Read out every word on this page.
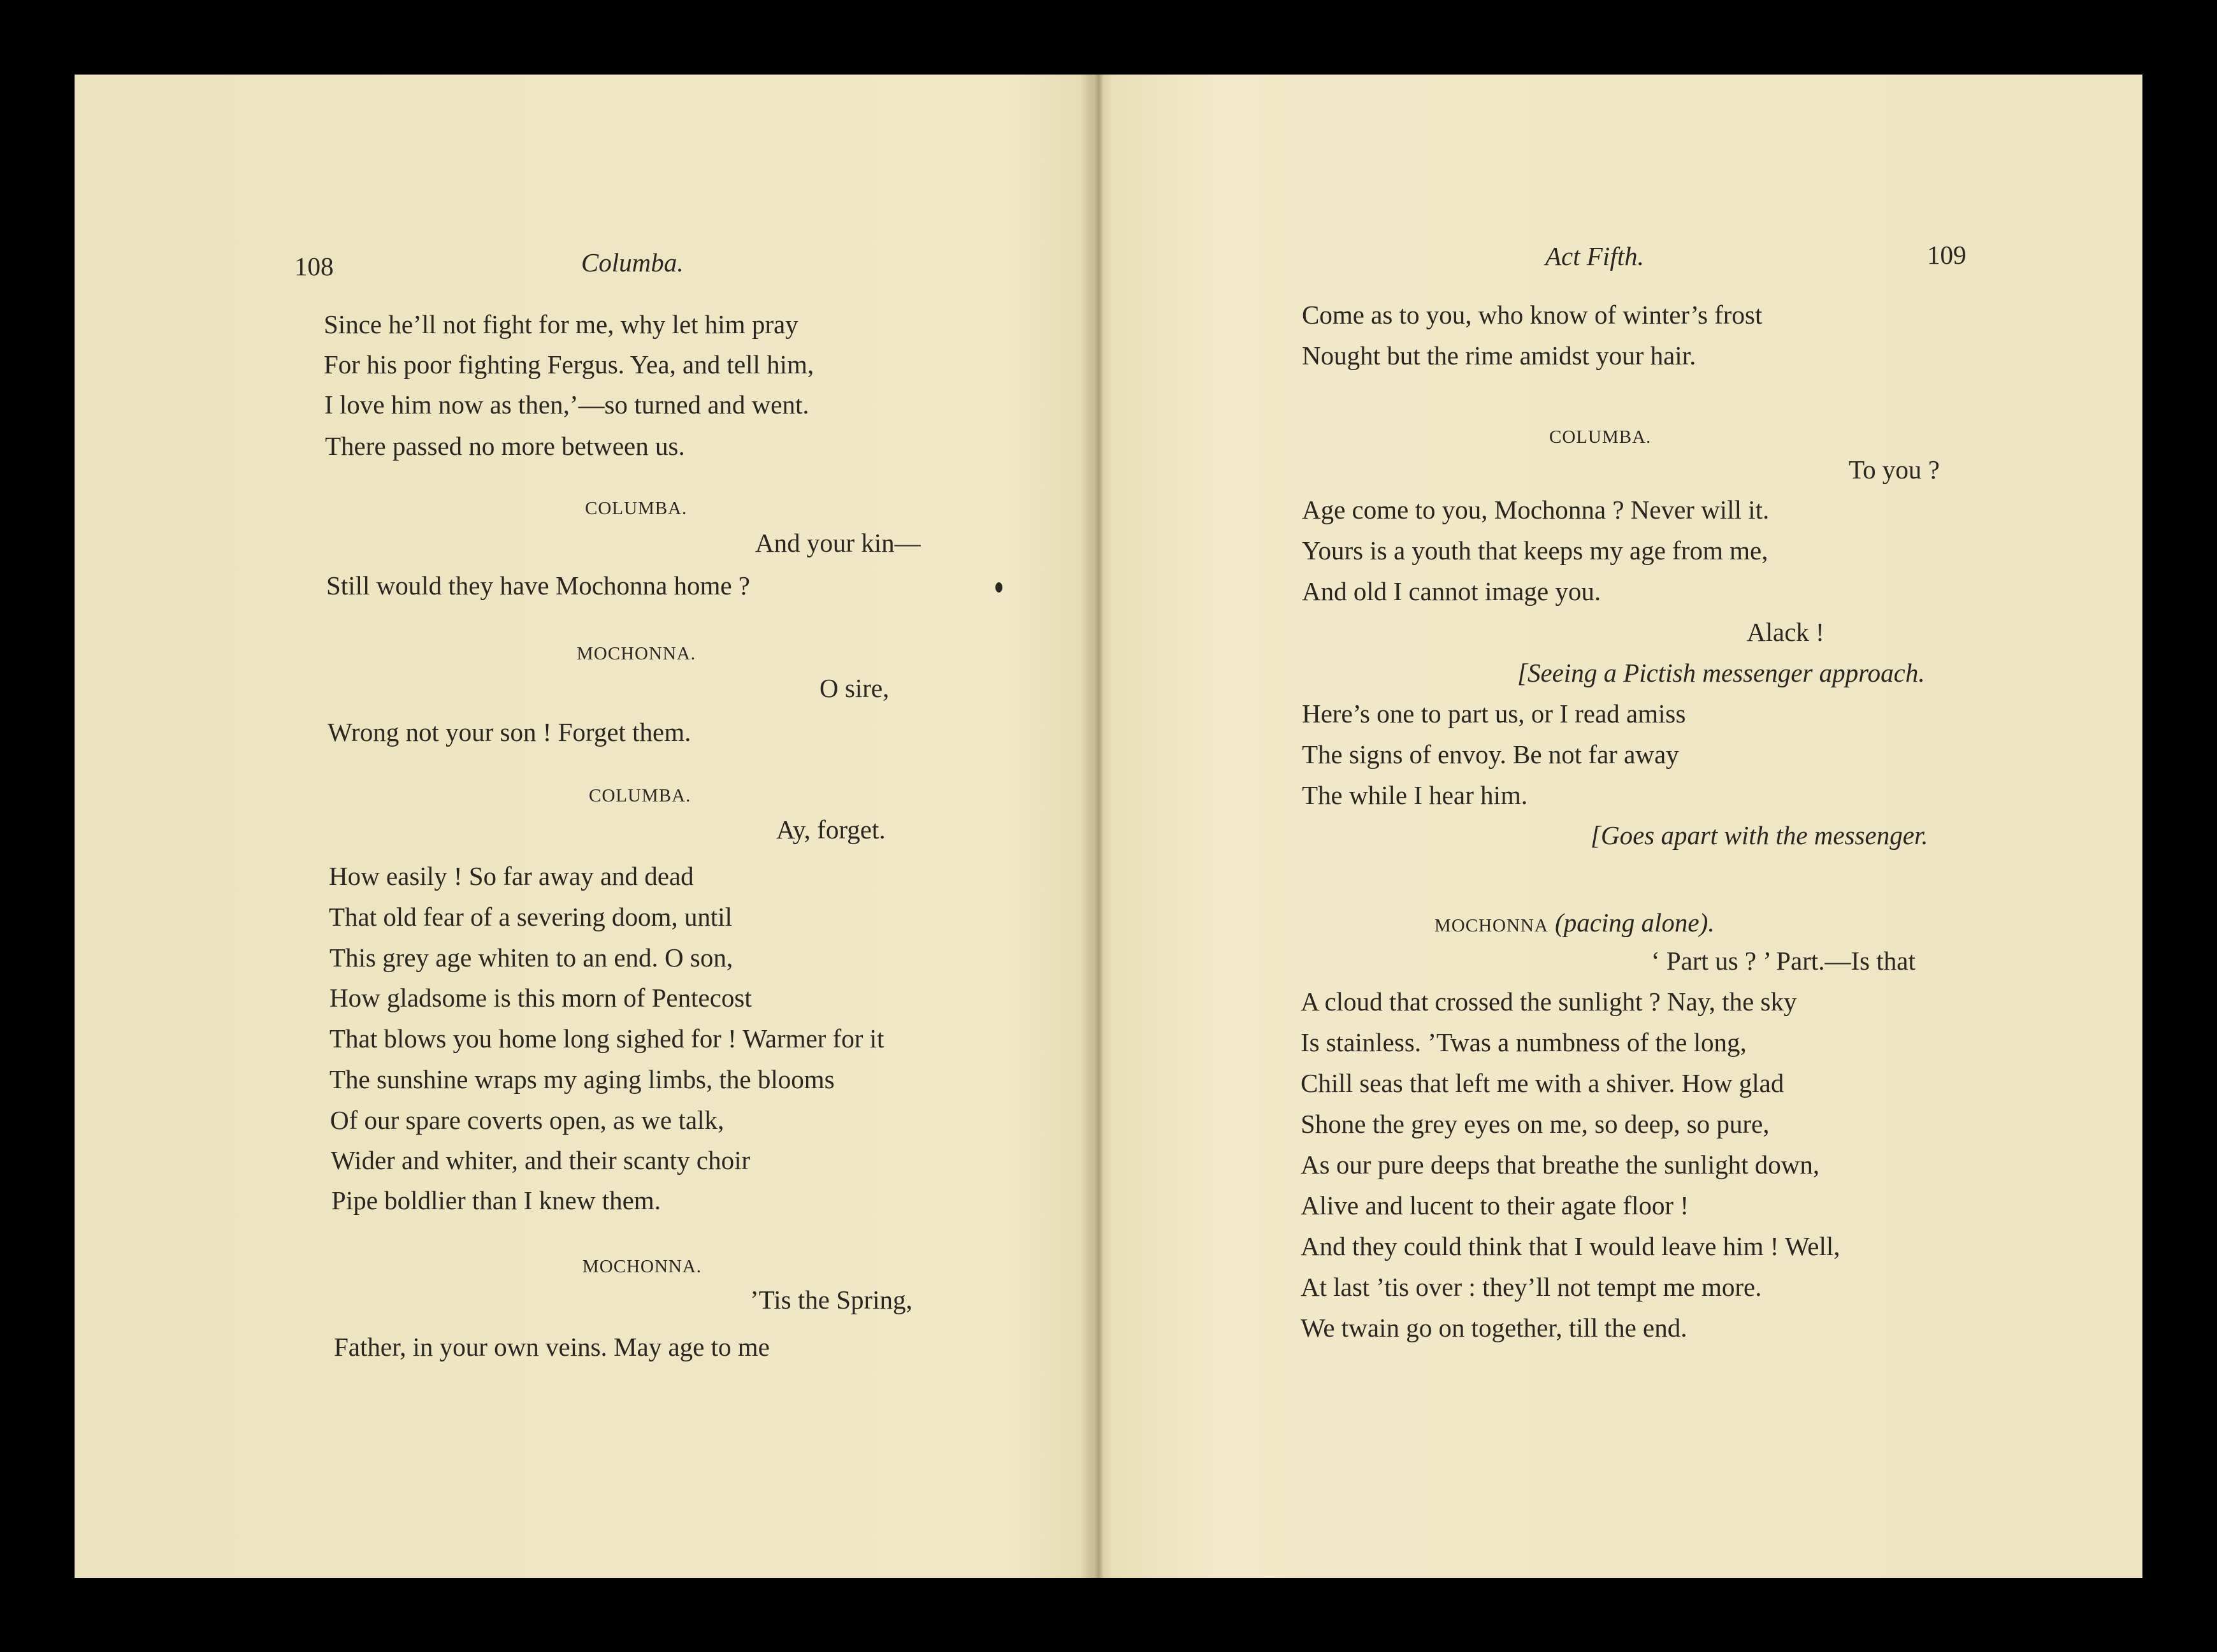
108	Columba.
Since he’ll not fight for me, why let him pray
For his poor fighting Fergus. Yea, and tell him,
I love him now as then,’—so turned and went.
There passed no more between us.
COLUMBA.
And your kin—
Still would they have Mochonna home ?
MOCHONNA.
O sire,
Wrong not your son ! Forget them.
COLUMBA.
Ay, forget.
How easily ! So far away and dead
That old fear of a severing doom, until
This grey age whiten to an end. O son,
How gladsome is this morn of Pentecost
That blows you home long sighed for ! Warmer for it
The sunshine wraps my aging limbs, the blooms
Of our spare coverts open, as we talk,
Wider and whiter, and their scanty choir
Pipe boldlier than I knew them.
MOCHONNA.
’Tis the Spring,
Father, in your own veins. May age to me
Act Fifth.	109
Come as to you, who know of winter’s frost
Nought but the rime amidst your hair.
COLUMBA.
To you ?
Age come to you, Mochonna ? Never will it.
Yours is a youth that keeps my age from me,
And old I cannot image you.
Alack !
[Seeing a Pictish messenger approach.
Here’s one to part us, or I read amiss
The signs of envoy. Be not far away
The while I hear him.
[Goes apart with the messenger.
MOCHONNA (pacing alone).
‘ Part us ? ’ Part.—Is that
A cloud that crossed the sunlight ? Nay, the sky
Is stainless. ’Twas a numbness of the long,
Chill seas that left me with a shiver. How glad
Shone the grey eyes on me, so deep, so pure,
As our pure deeps that breathe the sunlight down,
Alive and lucent to their agate floor !
And they could think that I would leave him ! Well,
At last ’tis over : they’ll not tempt me more.
We twain go on together, till the end.
